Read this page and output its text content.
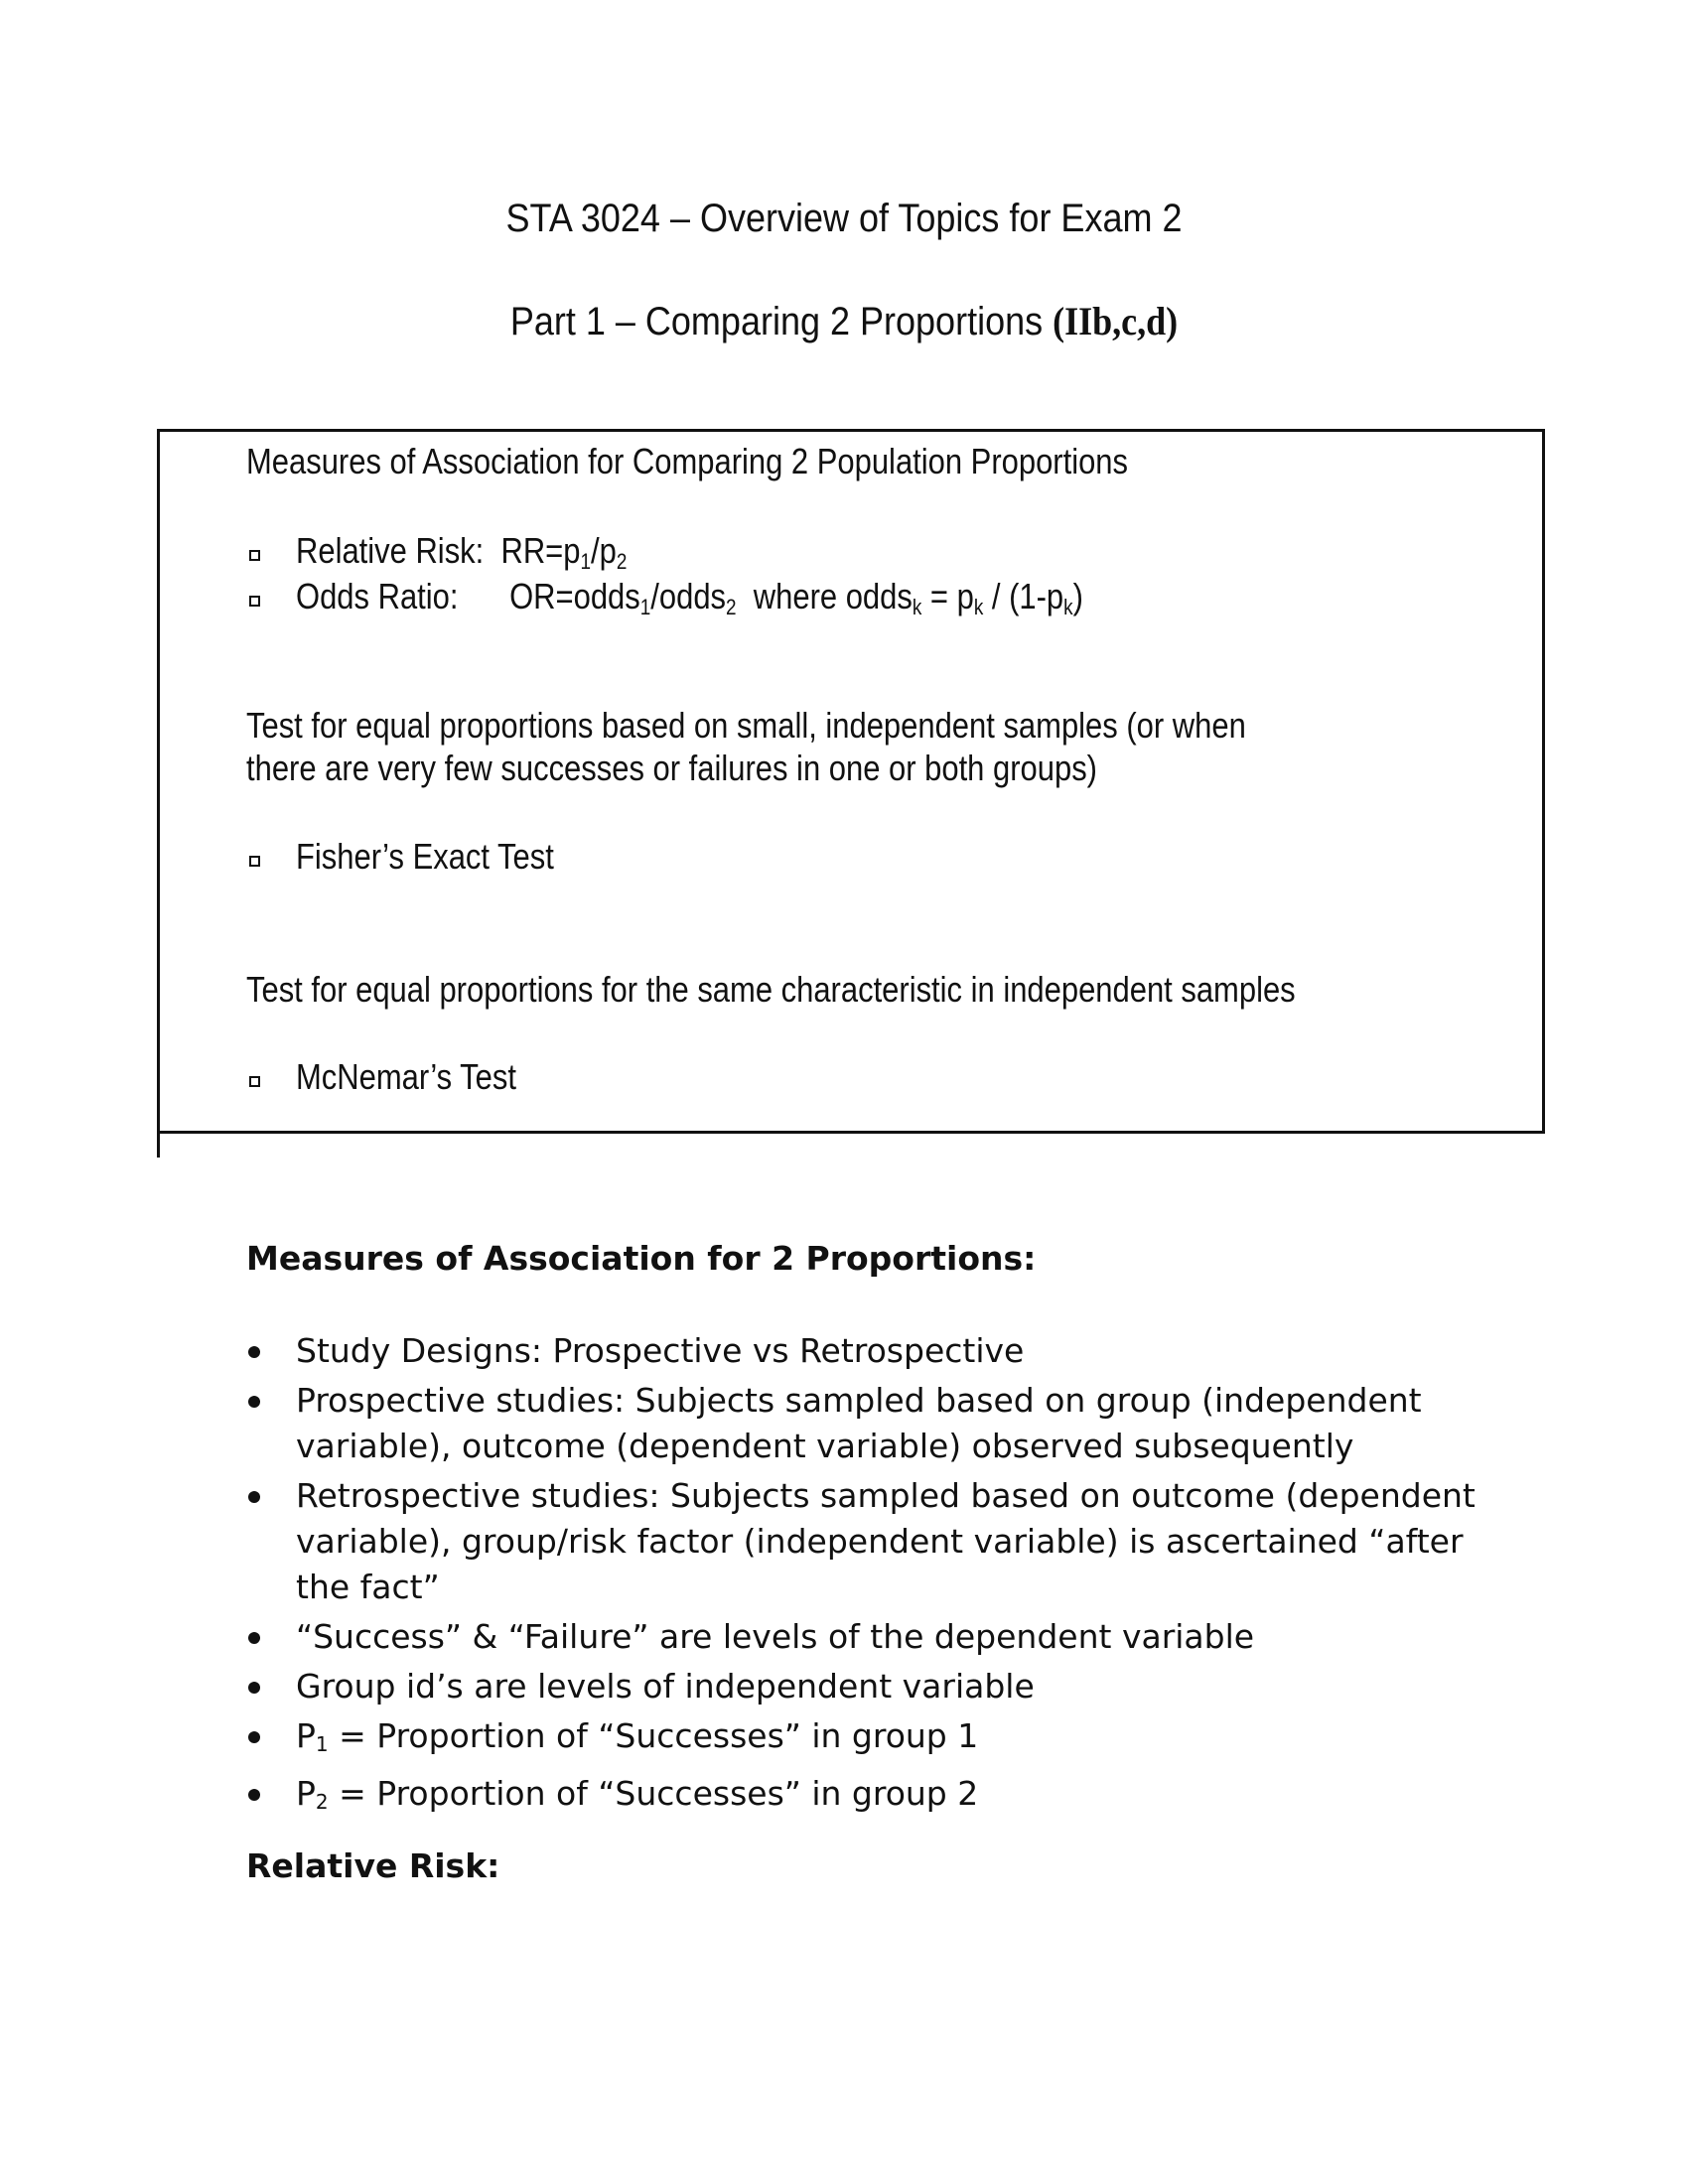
STA 3024 – Overview of Topics for Exam 2
Part 1 – Comparing 2 Proportions (IIb,c,d)
Measures of Association for Comparing 2 Population Proportions
Relative Risk: $RR=p_1/p_2$
Odds Ratio: OR=odds$_1$/odds$_2$  where odds$_k$ = $p_k / (1-p_k)$
Test for equal proportions based on small, independent samples (or when
there are very few successes or failures in one or both groups)
Fisher’s Exact Test
Test for equal proportions for the same characteristic in independent samples
McNemar’s Test
Measures of Association for 2 Proportions:
Study Designs: Prospective vs Retrospective
Prospective studies: Subjects sampled based on group (independent variable), outcome (dependent variable) observed subsequently
Retrospective studies: Subjects sampled based on outcome (dependent variable), group/risk factor (independent variable) is ascertained “after the fact”
“Success” & “Failure” are levels of the dependent variable
Group id’s are levels of independent variable
$P_1$ = Proportion of “Successes” in group 1
$P_2$ = Proportion of “Successes” in group 2
Relative Risk:
